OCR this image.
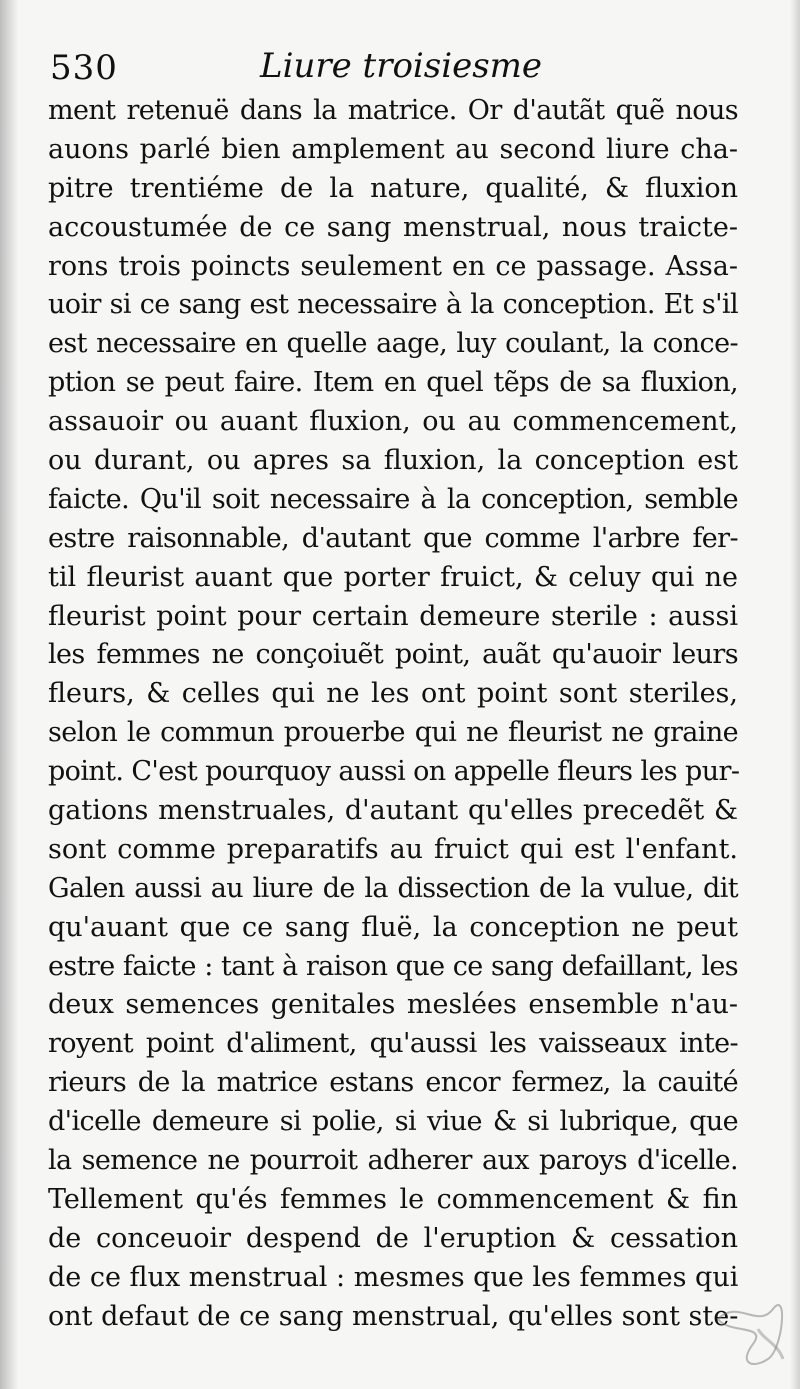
530	Liure troisiesme
ment retenuë dans la matrice. Or d'autãt quẽ nous
auons parlé bien amplement au second liure cha-
pitre trentiéme de la nature, qualité, & fluxion
accoustumée de ce sang menstrual, nous traicte-
rons trois poincts seulement en ce passage. Assa-
uoir si ce sang est necessaire à la conception. Et s'il
est necessaire en quelle aage, luy coulant, la conce-
ption se peut faire. Item en quel tẽps de sa fluxion,
assauoir ou auant fluxion, ou au commencement,
ou durant, ou apres sa fluxion, la conception est
faicte. Qu'il soit necessaire à la conception, semble
estre raisonnable, d'autant que comme l'arbre fer-
til fleurist auant que porter fruict, & celuy qui ne
fleurist point pour certain demeure sterile : aussi
les femmes ne conçoiuẽt point, auãt qu'auoir leurs
fleurs, & celles qui ne les ont point sont steriles,
selon le commun prouerbe qui ne fleurist ne graine
point. C'est pourquoy aussi on appelle fleurs les pur-
gations menstruales, d'autant qu'elles precedẽt &
sont comme preparatifs au fruict qui est l'enfant.
Galen aussi au liure de la dissection de la vulue, dit
qu'auant que ce sang fluë, la conception ne peut
estre faicte : tant à raison que ce sang defaillant, les
deux semences genitales meslées ensemble n'au-
royent point d'aliment, qu'aussi les vaisseaux inte-
rieurs de la matrice estans encor fermez, la cauité
d'icelle demeure si polie, si viue & si lubrique, que
la semence ne pourroit adherer aux paroys d'icelle.
Tellement qu'és femmes le commencement & fin
de conceuoir despend de l'eruption & cessation
de ce flux menstrual : mesmes que les femmes qui
ont defaut de ce sang menstrual, qu'elles sont ste-
